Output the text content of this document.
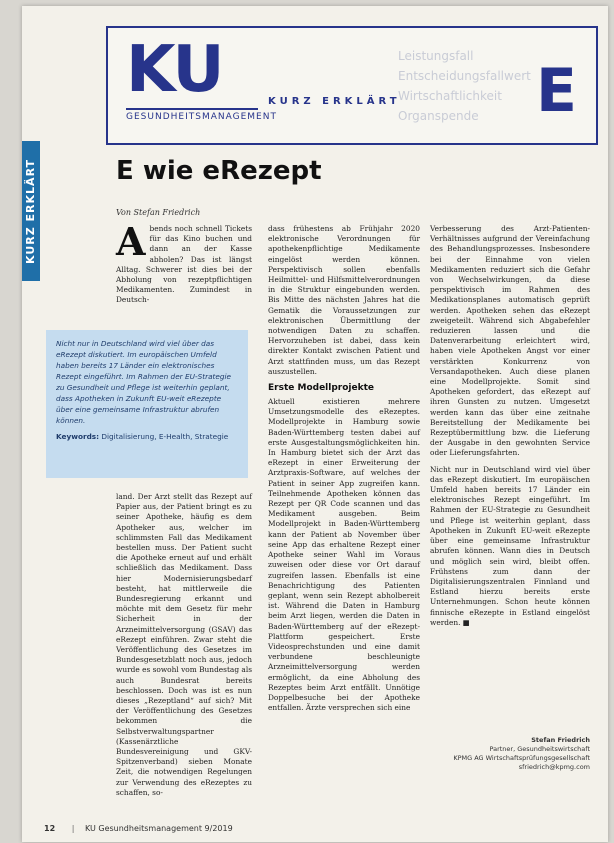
KURZ ERKLÄRT
Leistungsfall
Entscheidungsfallwert
Wirtschaftlichkeit
Organspende
KU
GESUNDHEITSMANAGEMENT
KURZ ERKLÄRT E
E wie eRezept
Von Stefan Friedrich
A bends noch schnell Tickets für das Kino buchen und dann an der Kasse abholen? Das ist längst Alltag. Schwerer ist dies bei der Abholung von rezeptpflichtigen Medikamenten. Zumindest in Deutsch-
Nicht nur in Deutschland wird viel über das eRezept diskutiert. Im europäischen Umfeld haben bereits 17 Länder ein elektronisches Rezept eingeführt. Im Rahmen der EU-Strategie zu Gesundheit und Pflege ist weiterhin geplant, dass Apotheken in Zukunft EU-weit eRezepte über eine gemeinsame Infrastruktur abrufen können.
Keywords: Digitalisierung, E-Health, Strategie

land. Der Arzt stellt das Rezept auf Papier aus, der Patient bringt es zu seiner Apotheke, häufig es dem Apotheker aus, welcher im schlimmsten Fall das Medikament bestellen muss. Der Patient sucht die Apotheke erneut auf und erhält schließlich das Medikament. Dass hier Modernisierungsbedarf besteht, hat mittlerweile die Bundesregierung erkannt und möchte mit dem Gesetz für mehr Sicherheit in der Arzneimittelversorgung (GSAV) das eRezept einführen. Zwar steht die Veröffentlichung des Gesetzes im Bundesgesetzblatt noch aus, jedoch wurde es sowohl vom Bundestag als auch Bundesrat bereits beschlossen. Doch was ist es nun dieses „Rezeptland“ auf sich? Mit der Veröffentlichung des Gesetzes bekommen die Selbstverwaltungspartner (Kassenärztliche Bundesvereinigung und GKV-Spitzenverband) sieben Monate Zeit, die notwendigen Regelungen zur Verwendung des eRezeptes zu schaffen, so-

dass frühestens ab Frühjahr 2020 elektronische Verordnungen für apothekenpflichtige Medikamente eingelöst werden können. Perspektivisch sollen ebenfalls Heilmittel- und Hilfsmittelverordnungen in die Struktur eingebunden werden. Bis Mitte des nächsten Jahres hat die Gematik die Voraussetzungen zur elektronischen Übermittlung der notwendigen Daten zu schaffen. Hervorzuheben ist dabei, dass kein direkter Kontakt zwischen Patient und Arzt stattfinden muss, um das Rezept auszustellen.

Erste Modellprojekte

Aktuell existieren mehrere Umsetzungsmodelle des eRezeptes. Modellprojekte in Hamburg sowie Baden-Württemberg testen dabei auf erste Ausgestaltungsmöglichkeiten hin. In Hamburg bietet sich der Arzt das eRezept in einer Erweiterung der Arztpraxis-Software, auf welches der Patient in seiner App zugreifen kann. Teilnehmende Apotheken können das Rezept per QR Code scannen und das Medikament ausgeben. Beim Modellprojekt in Baden-Württemberg kann der Patient ab November über seine App das erhaltene Rezept einer Apotheke seiner Wahl im Voraus zuweisen oder diese vor Ort darauf zugreifen lassen. Ebenfalls ist eine Benachrichtigung des Patienten geplant, wenn sein Rezept abholbereit ist. Während die Daten in Hamburg beim Arzt liegen, werden die Daten in Baden-Württemberg auf der eRezept-Plattform gespeichert. Erste Videosprechstunden und eine damit verbundene beschleunigte Arzneimittelversorgung werden ermöglicht, da eine Abholung des Rezeptes beim Arzt entfällt. Unnötige Doppelbesuche bei der Apotheke entfallen. Ärzte versprechen sich eine

Verbesserung des Arzt-Patienten-Verhältnisses aufgrund der Vereinfachung des Behandlungsprozesses. Insbesondere bei der Einnahme von vielen Medikamenten reduziert sich die Gefahr von Wechselwirkungen, da diese perspektivisch im Rahmen des Medikationsplanes automatisch geprüft werden. Apotheken sehen das eRezept zweigeteilt. Während sich Abgabefehler reduzieren lassen und die Datenverarbeitung erleichtert wird, haben viele Apotheken Angst vor einer verstärkten Konkurrenz von Versandapotheken. Auch diese planen eine Modellprojekte. Somit sind Apotheken gefordert, das eRezept auf ihren Gunsten zu nutzen. Umgesetzt werden kann das über eine zeitnahe Bereitstellung der Medikamente bei Rezeptübermittlung bzw. die Lieferung der Ausgabe in den gewohnten Service oder Lieferungsfahrten.

Nicht nur in Deutschland wird viel über das eRezept diskutiert. Im europäischen Umfeld haben bereits 17 Länder ein elektronisches Rezept eingeführt. Im Rahmen der EU-Strategie zu Gesundheit und Pflege ist weiterhin geplant, dass Apotheken in Zukunft EU-weit eRezepte über eine gemeinsame Infrastruktur abrufen können. Wann dies in Deutsch und möglich sein wird, bleibt offen. Frühstens zum dann der Digitalisierungszentralen Finnland und Estland hierzu bereits erste Unternehmungen. Schon heute können finnische eRezepte in Estland eingelöst werden. ■

Stefan Friedrich
Partner, Gesundheitswirtschaft
KPMG AG Wirtschaftsprüfungsgesellschaft
sfriedrich@kpmg.com
12 | KU Gesundheitsmanagement 9/2019
